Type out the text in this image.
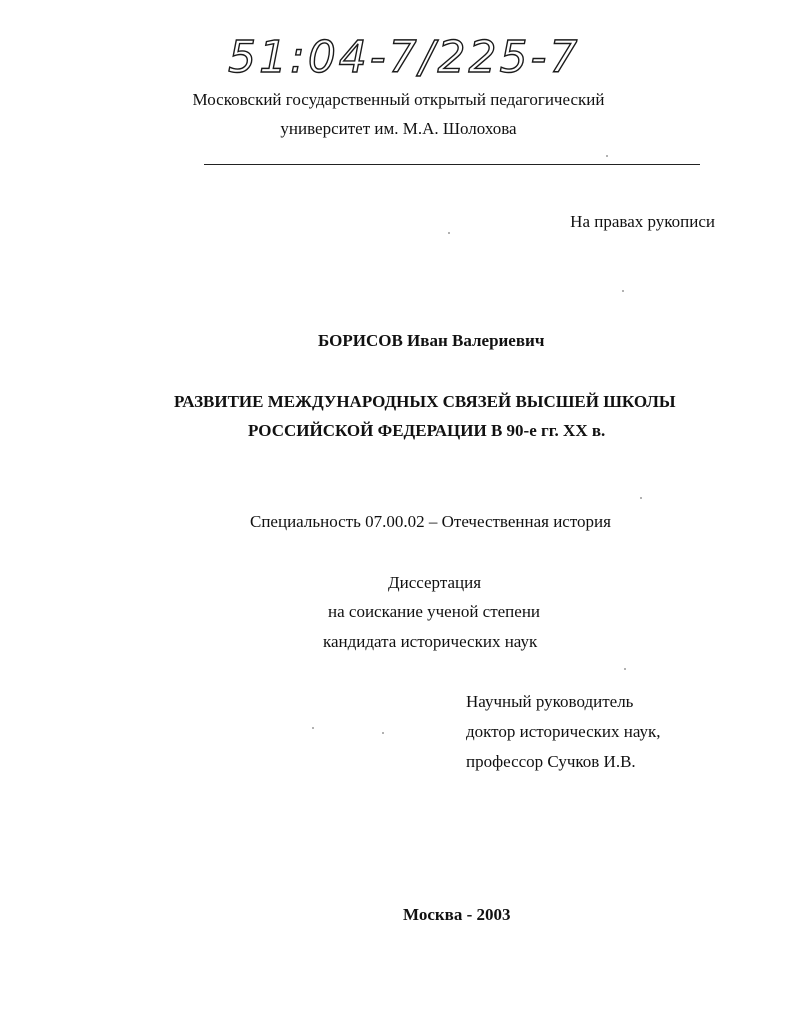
51:04-7/225-7
Московский государственный открытый педагогический
университет им. М.А. Шолохова
На правах рукописи
БОРИСОВ Иван Валериевич
РАЗВИТИЕ МЕЖДУНАРОДНЫХ СВЯЗЕЙ ВЫСШЕЙ ШКОЛЫ
РОССИЙСКОЙ ФЕДЕРАЦИИ В 90-е гг. ХХ в.
Специальность 07.00.02 – Отечественная история
Диссертация
на соискание ученой степени
кандидата исторических наук
Научный руководитель
доктор исторических наук,
профессор Сучков И.В.
Москва - 2003
